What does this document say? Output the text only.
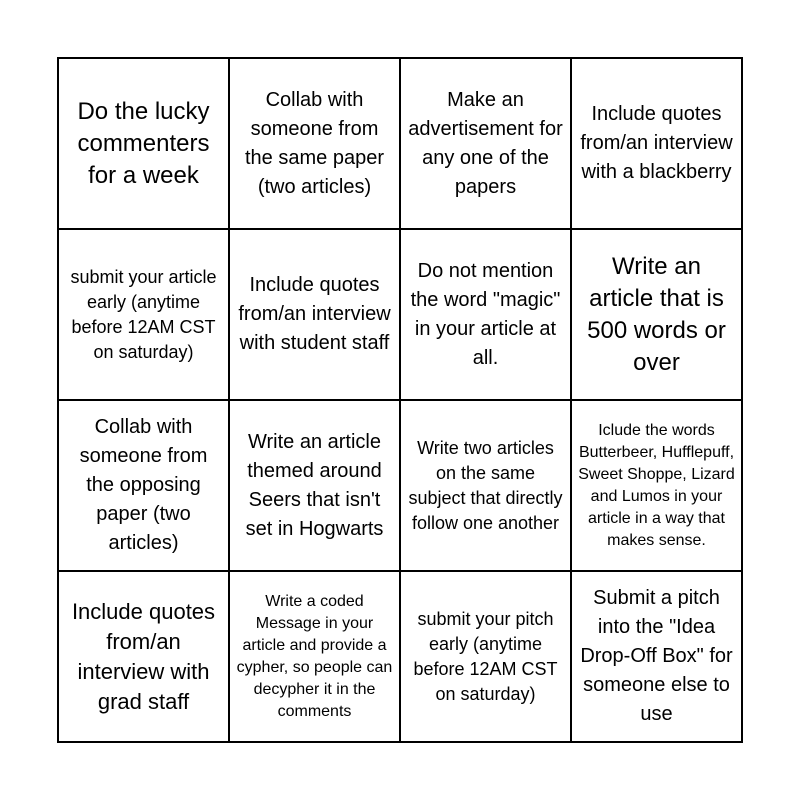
Do the lucky commenters for a week
Collab with someone from the same paper (two articles)
Make an advertisement for any one of the papers
Include quotes from/an interview with a blackberry
submit your article early (anytime before 12AM CST on saturday)
Include quotes from/an interview with student staff
Do not mention the word "magic" in your article at all.
Write an article that is 500 words or over
Collab with someone from the opposing paper (two articles)
Write an article themed around Seers that isn't set in Hogwarts
Write two articles on the same subject that directly follow one another
Iclude the words Butterbeer, Hufflepuff, Sweet Shoppe, Lizard and Lumos in your article in a way that makes sense.
Include quotes from/an interview with grad staff
Write a coded Message in your article and provide a cypher, so people can decypher it in the comments
submit your pitch early (anytime before 12AM CST on saturday)
Submit a pitch into the "Idea Drop-Off Box" for someone else to use
